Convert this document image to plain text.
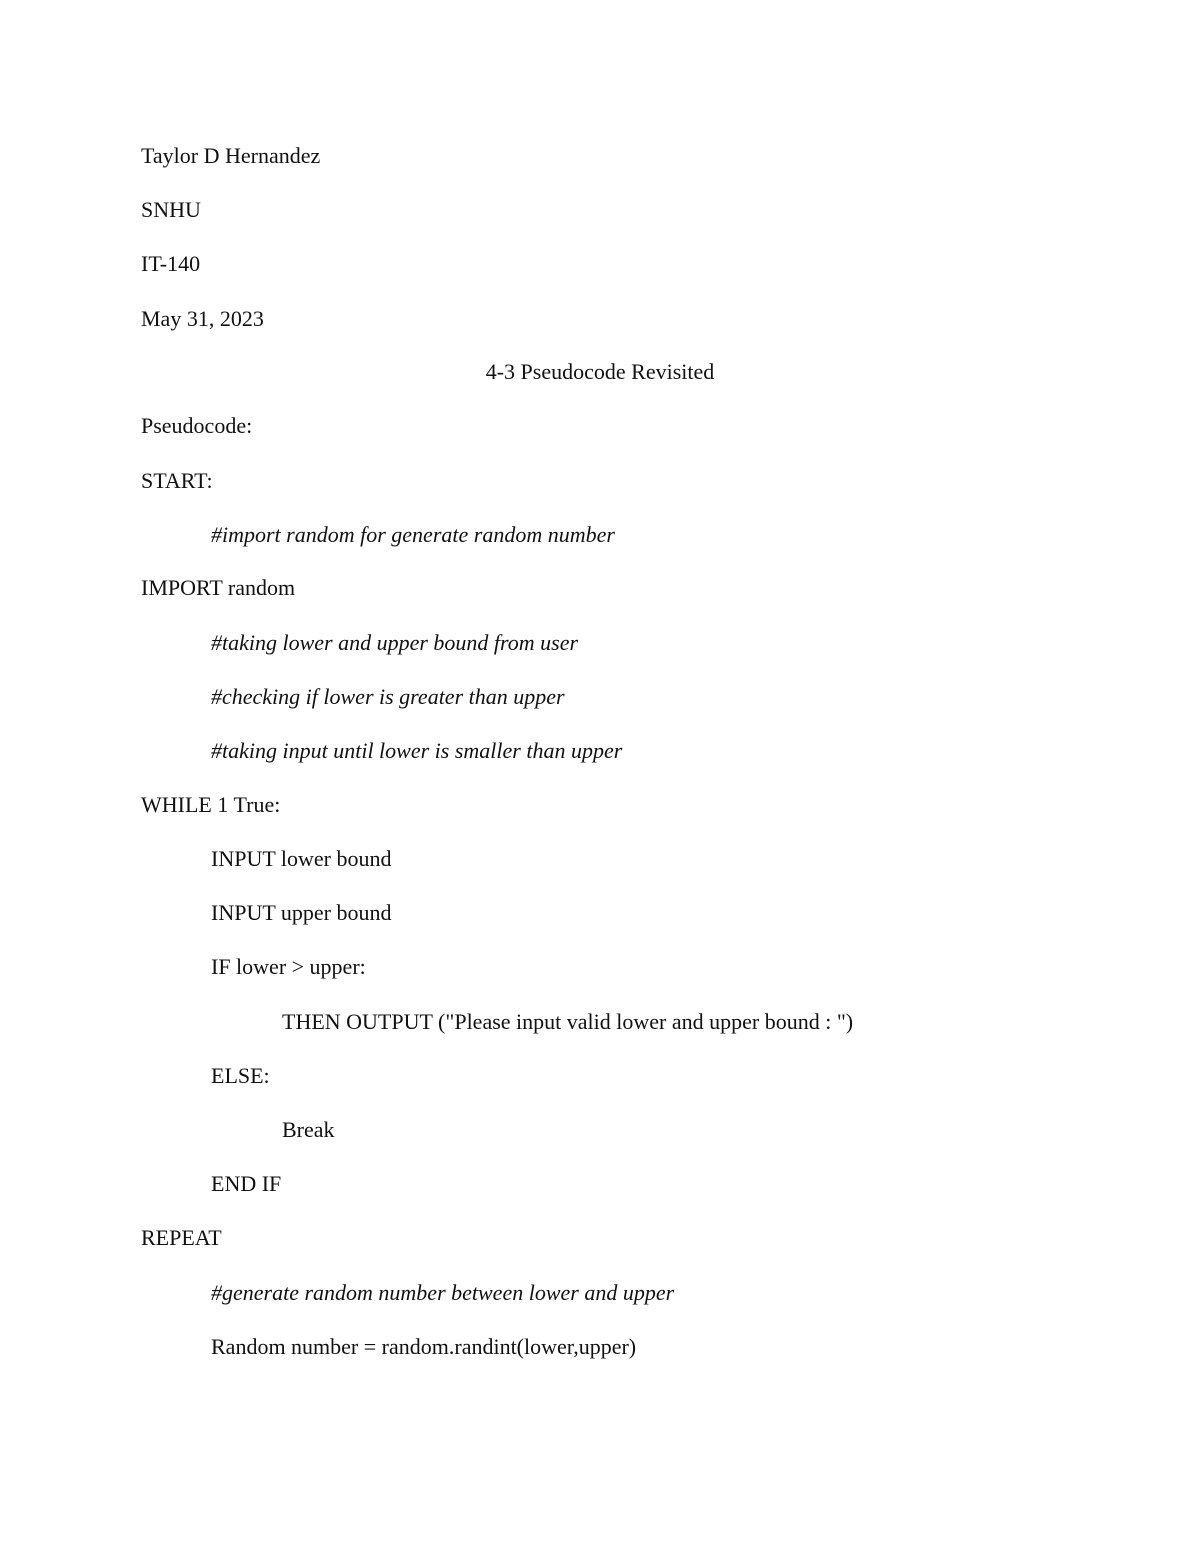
Taylor D Hernandez
SNHU
IT-140
May 31, 2023
4-3 Pseudocode Revisited
Pseudocode:
START:
#import random for generate random number
IMPORT random
#taking lower and upper bound from user
#checking if lower is greater than upper
#taking input until lower is smaller than upper
WHILE 1 True:
INPUT lower bound
INPUT upper bound
IF lower > upper:
THEN OUTPUT ("Please input valid lower and upper bound : ")
ELSE:
Break
END IF
REPEAT
#generate random number between lower and upper
Random number = random.randint(lower,upper)
